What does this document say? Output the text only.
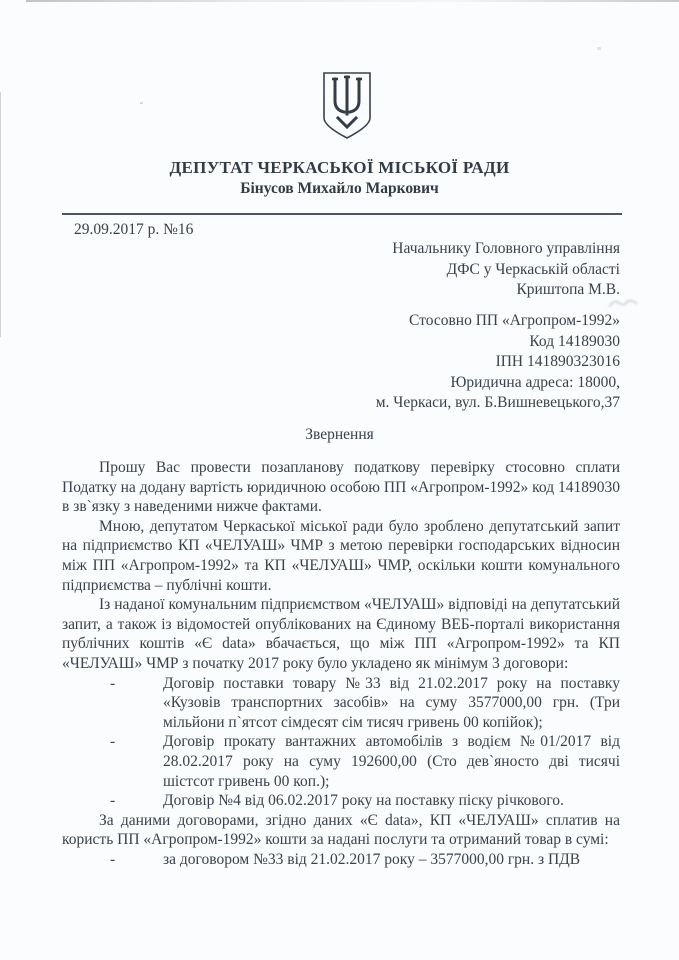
ДЕПУТАТ ЧЕРКАСЬКОЇ МІСЬКОЇ РАДИ
Бінусов Михайло Маркович
29.09.2017 р. №16
Начальнику Головного управління
ДФС у Черкаській області
Криштопа М.В.
Стосовно ПП «Агропром-1992»
Код 14189030
ІПН 141890323016
Юридична адреса: 18000,
м. Черкаси, вул. Б.Вишневецького,37
Звернення

Прошу Вас провести позапланову податкову перевірку стосовно сплати Податку на додану вартість юридичною особою ПП «Агропром-1992» код 14189030 в зв`язку з наведеними нижче фактами.

Мною, депутатом Черкаської міської ради було зроблено депутатський запит на підприємство КП «ЧЕЛУАШ» ЧМР з метою перевірки господарських відносин між ПП «Агропром-1992» та КП «ЧЕЛУАШ» ЧМР, оскільки кошти комунального підприємства – публічні кошти.

Із наданої комунальним підприємством «ЧЕЛУАШ» відповіді на депутатський запит, а також із відомостей опублікованих на Єдиному ВЕБ-порталі використання публічних коштів «Є data» вбачається, що між ПП «Агропром-1992» та КП «ЧЕЛУАШ» ЧМР з початку 2017 року було укладено як мінімум 3 договори:

-	Договір поставки товару №33 від 21.02.2017 року на поставку «Кузовів транспортних засобів» на суму 3577000,00 грн. (Три мільйони п`ятсот сімдесят сім тисяч гривень 00 копійок);
-	Договір прокату вантажних автомобілів з водієм №01/2017 від 28.02.2017 року на суму 192600,00 (Сто дев`яносто дві тисячі шістсот гривень 00 коп.);
-	Договір №4 від 06.02.2017 року на поставку піску річкового.

За даними договорами, згідно даних «Є data», КП «ЧЕЛУАШ» сплатив на користь ПП «Агропром-1992» кошти за надані послуги та отриманий товар в сумі:

-	за договором №33 від 21.02.2017 року – 3577000,00 грн. з ПДВ
